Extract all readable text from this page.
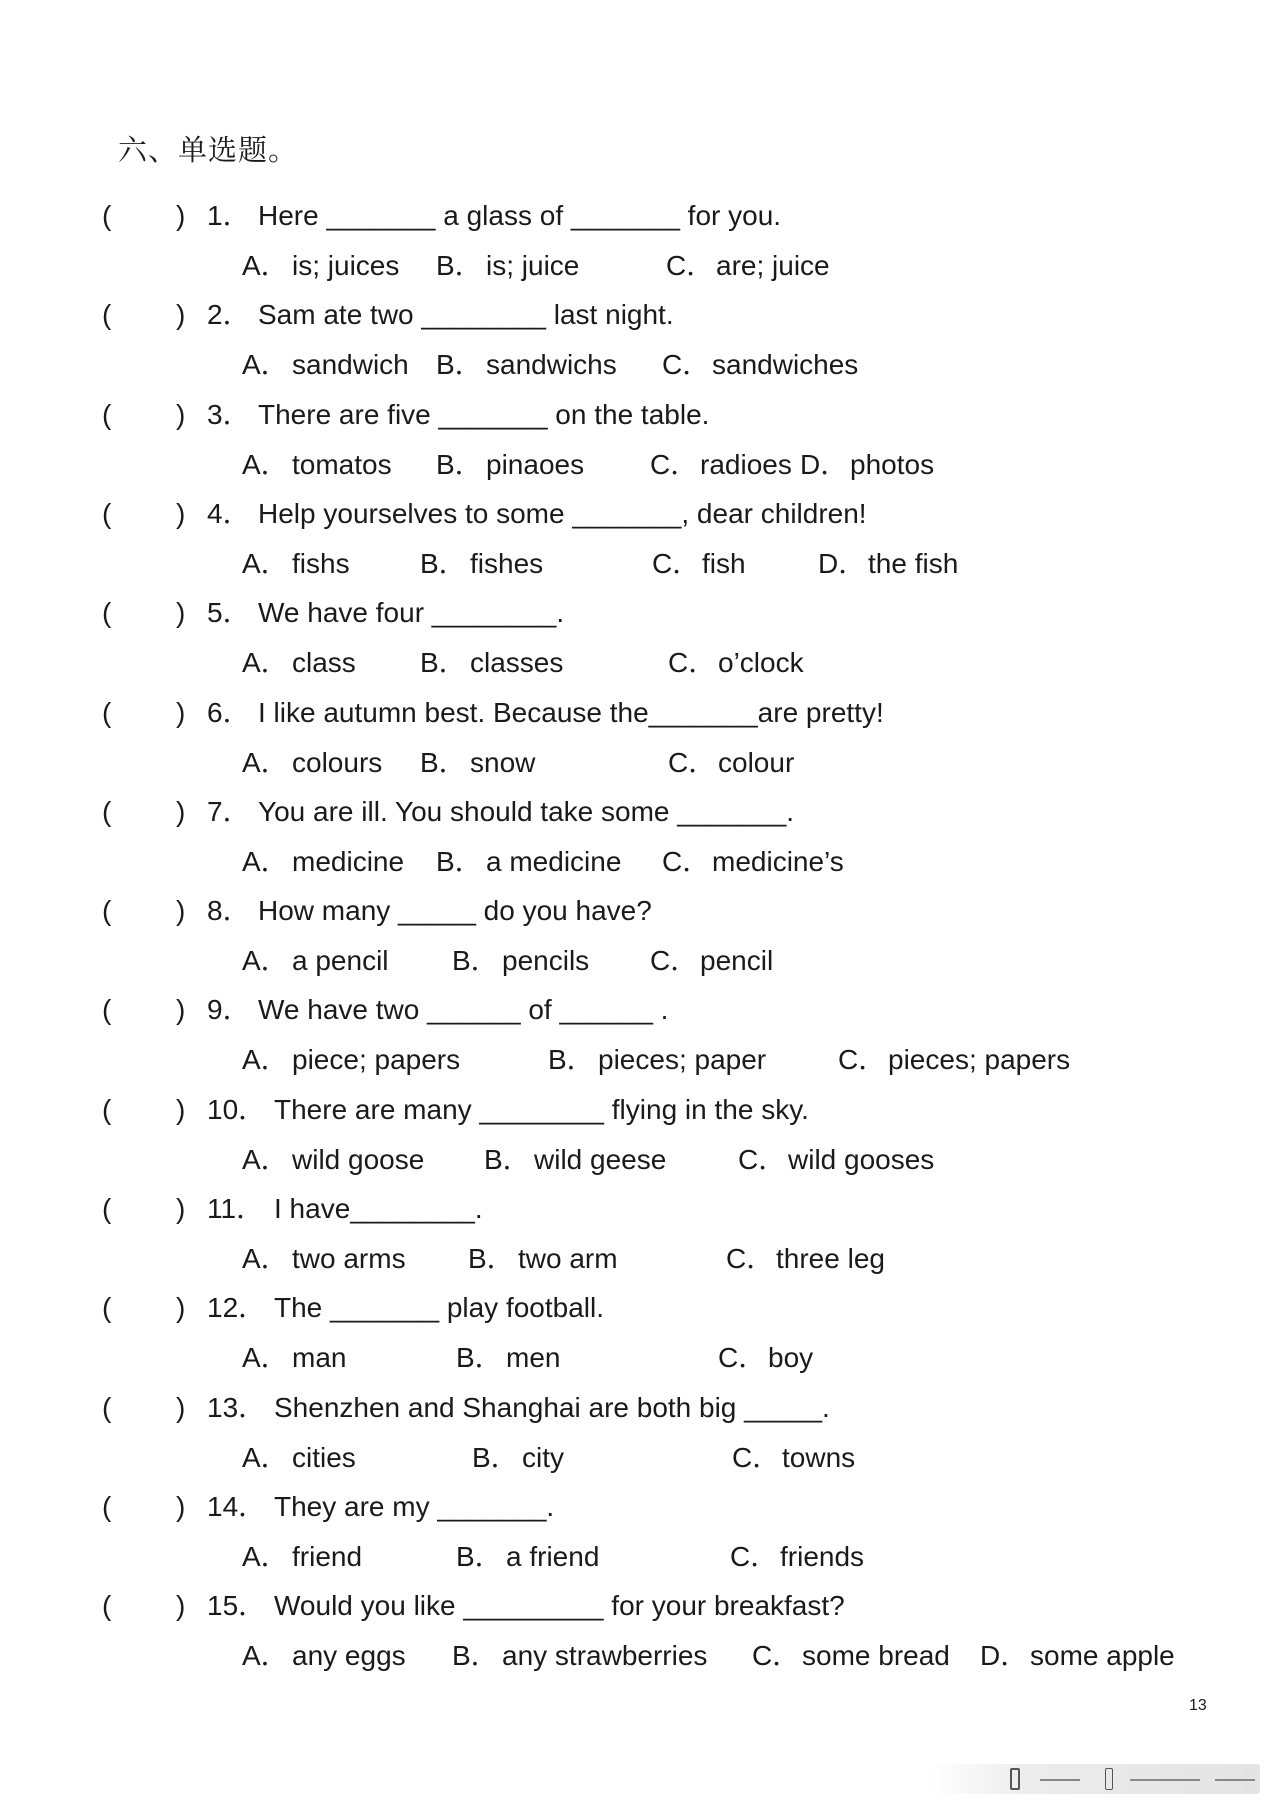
六、单选题。
( ) 1． Here _______ a glass of _______ for you.
A． is; juices B． is; juice	C．are; juice
( ) 2． Sam ate two ________ last night.
A． sandwich B． sandwichs C．sandwiches
( ) 3． There are five _______ on the table.
A． tomatos B． pinaoes C．radioes D．photos
( ) 4． Help yourselves to some _______, dear children!
A． fishs	B． fishes	C．fish	D．the fish
( ) 5． We have four ________.
A． class B． classes	C．o’clock
( ) 6． I like autumn best. Because the_______are pretty!
A． colours B． snow	C．colour
( ) 7． You are ill. You should take some _______.
A． medicine B． a medicine C．medicine’s
( ) 8． How many _____ do you have?
A． a pencil B． pencils C．pencil
( ) 9． We have two ______ of ______ .
A． piece; papers	B． pieces; paper	C．pieces; papers
( ) 10． There are many ________ flying in the sky.
A． wild goose B． wild geese	C．wild gooses
( ) 11． I have________.
A． two arms B． two arm	C．three leg
( ) 12． The _______ play football.
A． man	B． men	C．boy
( ) 13． Shenzhen and Shanghai are both big _____.
A． cities	B． city	C．towns
( ) 14． They are my _______.
A． friend	B． a friend	C．friends
( ) 15． Would you like _________ for your breakfast?
A． any eggs B． any strawberries C．some bread D．some apple
13
